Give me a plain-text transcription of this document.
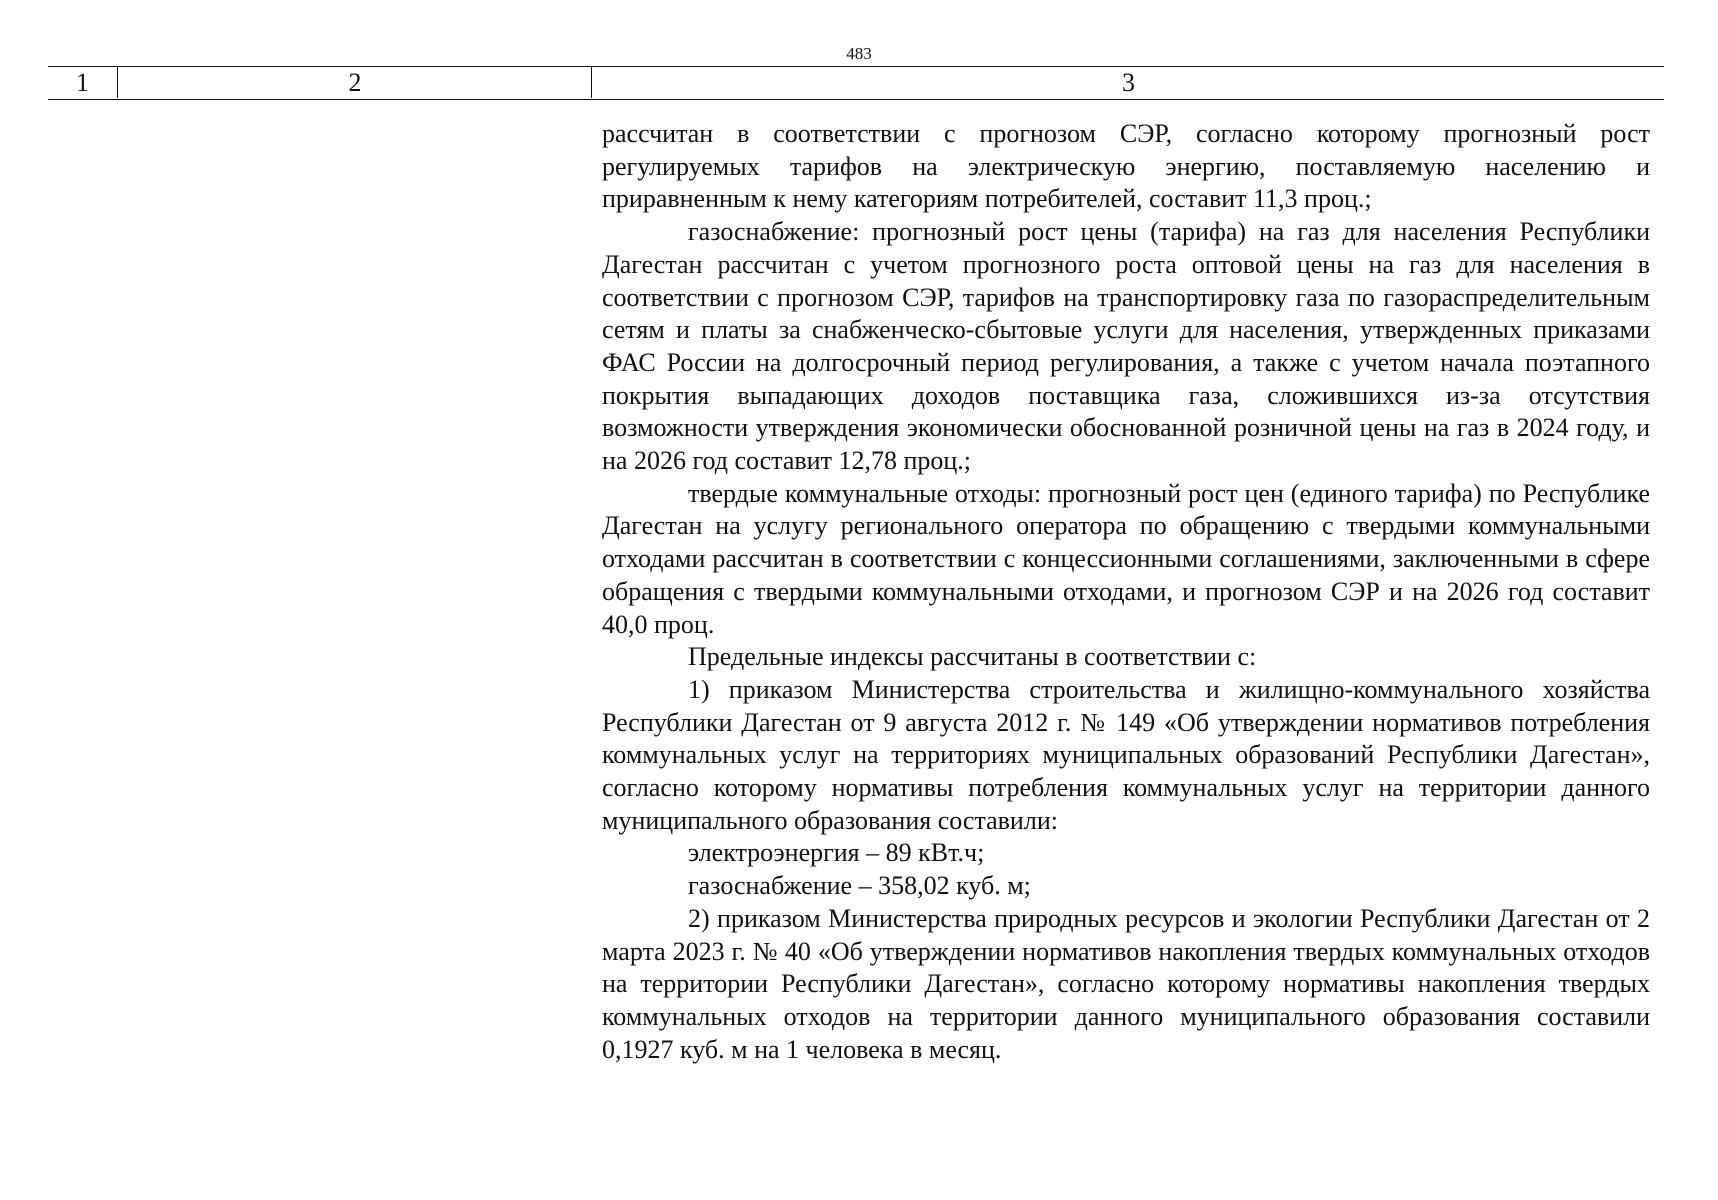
483
1	2	3

рассчитан в соответствии с прогнозом СЭР, согласно которому прогнозный рост регулируемых тарифов на электрическую энергию, поставляемую населению и приравненным к нему категориям потребителей, составит 11,3 проц.;

газоснабжение: прогнозный рост цены (тарифа) на газ для населения Республики Дагестан рассчитан с учетом прогнозного роста оптовой цены на газ для населения в соответствии с прогнозом СЭР, тарифов на транспортировку газа по газораспределительным сетям и платы за снабженческо-сбытовые услуги для населения, утвержденных приказами ФАС России на долгосрочный период регулирования, а также с учетом начала поэтапного покрытия выпадающих доходов поставщика газа, сложившихся из-за отсутствия возможности утверждения экономически обоснованной розничной цены на газ в 2024 году, и на 2026 год составит 12,78 проц.;

твердые коммунальные отходы: прогнозный рост цен (единого тарифа) по Республике Дагестан на услугу регионального оператора по обращению с твердыми коммунальными отходами рассчитан в соответствии с концессионными соглашениями, заключенными в сфере обращения с твердыми коммунальными отходами, и прогнозом СЭР и на 2026 год составит 40,0 проц.

Предельные индексы рассчитаны в соответствии с:

1) приказом Министерства строительства и жилищно-коммунального хозяйства Республики Дагестан от 9 августа 2012 г. № 149 «Об утверждении нормативов потребления коммунальных услуг на территориях муниципальных образований Республики Дагестан», согласно которому нормативы потребления коммунальных услуг на территории данного муниципального образования составили:

электроэнергия – 89 кВт.ч;

газоснабжение – 358,02 куб. м;

2) приказом Министерства природных ресурсов и экологии Республики Дагестан от 2 марта 2023 г. № 40 «Об утверждении нормативов накопления твердых коммунальных отходов на территории Республики Дагестан», согласно которому нормативы накопления твердых коммунальных отходов на территории данного муниципального образования составили 0,1927 куб. м на 1 человека в месяц.
